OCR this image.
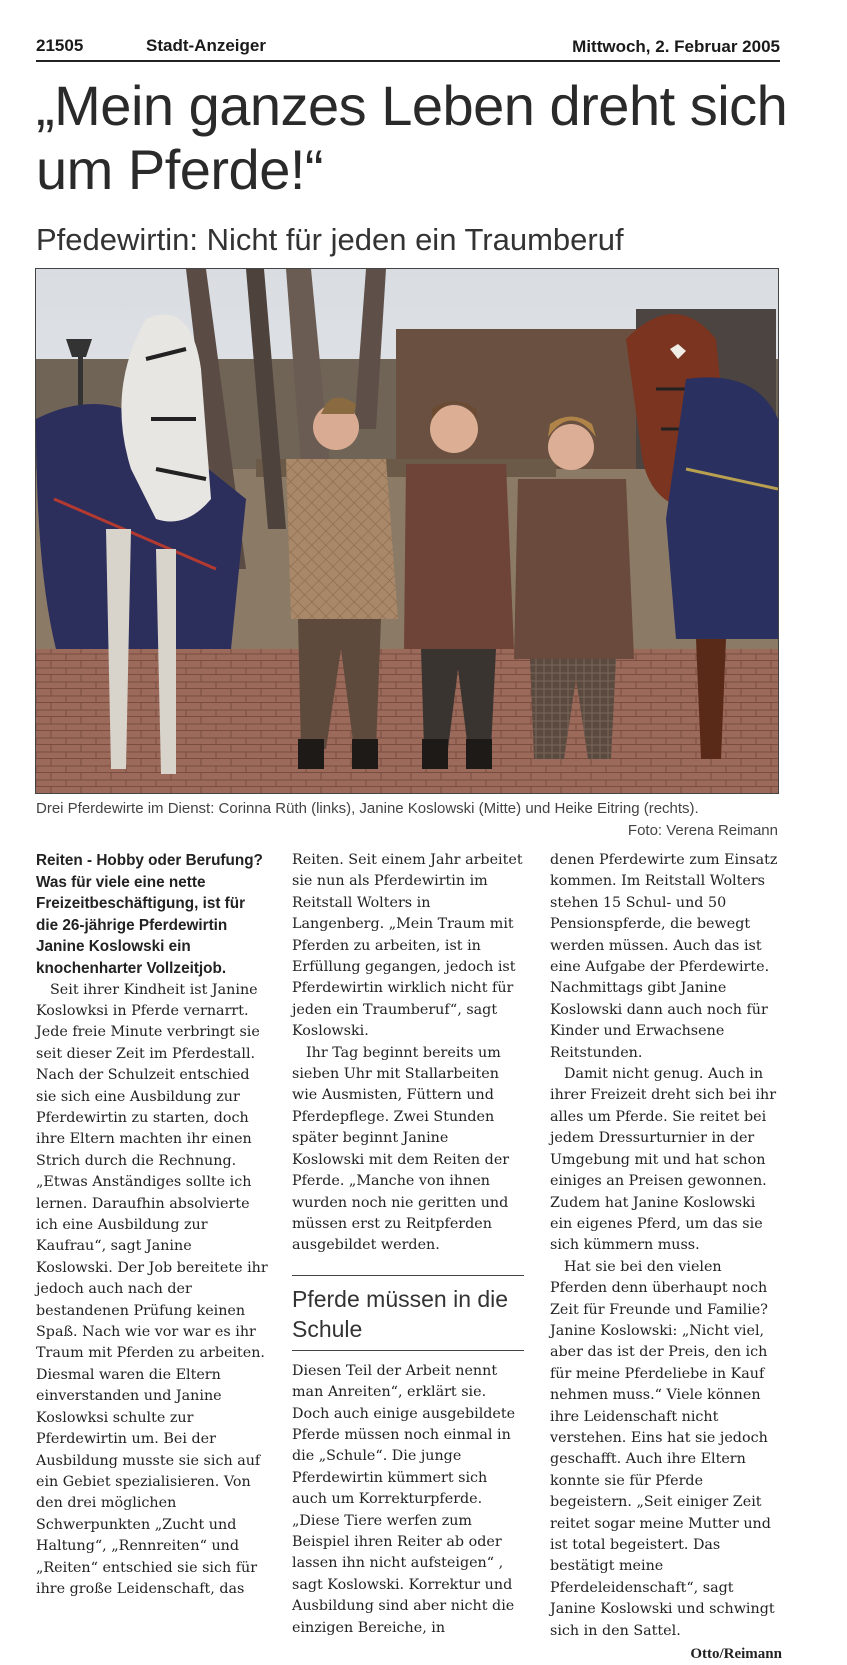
21505	Stadt-Anzeiger	Mittwoch, 2. Februar 2005
„Mein ganzes Leben dreht sich um Pferde!“
Pfedewirtin: Nicht für jeden ein Traumberuf
Drei Pferdewirte im Dienst: Corinna Rüth (links), Janine Koslowski (Mitte) und Heike Eitring (rechts).
Foto: Verena Reimann

Reiten - Hobby oder Berufung? Was für viele eine nette Freizeitbeschäftigung, ist für die 26-jährige Pferdewirtin Janine Koslowski ein knochenharter Vollzeitjob.

Seit ihrer Kindheit ist Janine Koslowksi in Pferde vernarrt. Jede freie Minute verbringt sie seit dieser Zeit im Pferdestall. Nach der Schulzeit entschied sie sich eine Ausbildung zur Pferdewirtin zu starten, doch ihre Eltern machten ihr einen Strich durch die Rechnung. „Etwas Anständiges sollte ich lernen. Daraufhin absolvierte ich eine Ausbildung zur Kaufrau“, sagt Janine Koslowski. Der Job bereitete ihr jedoch auch nach der bestandenen Prüfung keinen Spaß. Nach wie vor war es ihr Traum mit Pferden zu arbeiten. Diesmal waren die Eltern einverstanden und Janine Koslowksi schulte zur Pferdewirtin um. Bei der Ausbildung musste sie sich auf ein Gebiet spezialisieren. Von den drei möglichen Schwerpunkten „Zucht und Haltung“, „Rennreiten“ und „Reiten“ entschied sie sich für ihre große Leidenschaft, das

Reiten. Seit einem Jahr arbeitet sie nun als Pferdewirtin im Reitstall Wolters in Langenberg. „Mein Traum mit Pferden zu arbeiten, ist in Erfüllung gegangen, jedoch ist Pferdewirtin wirklich nicht für jeden ein Traumberuf“, sagt Koslowski.

Ihr Tag beginnt bereits um sieben Uhr mit Stallarbeiten wie Ausmisten, Füttern und Pferdepflege. Zwei Stunden später beginnt Janine Koslowski mit dem Reiten der Pferde. „Manche von ihnen wurden noch nie geritten und müssen erst zu Reitpferden ausgebildet werden.

Pferde müssen in die Schule

Diesen Teil der Arbeit nennt man Anreiten“, erklärt sie. Doch auch einige ausgebildete Pferde müssen noch einmal in die „Schule“. Die junge Pferdewirtin kümmert sich auch um Korrekturpferde. „Diese Tiere werfen zum Beispiel ihren Reiter ab oder lassen ihn nicht aufsteigen“ , sagt Koslowski. Korrektur und Ausbildung sind aber nicht die einzigen Bereiche, in

denen Pferdewirte zum Einsatz kommen. Im Reitstall Wolters stehen 15 Schul- und 50 Pensionspferde, die bewegt werden müssen. Auch das ist eine Aufgabe der Pferdewirte. Nachmittags gibt Janine Koslowski dann auch noch für Kinder und Erwachsene Reitstunden.

Damit nicht genug. Auch in ihrer Freizeit dreht sich bei ihr alles um Pferde. Sie reitet bei jedem Dressurturnier in der Umgebung mit und hat schon einiges an Preisen gewonnen. Zudem hat Janine Koslowski ein eigenes Pferd, um das sie sich kümmern muss.

Hat sie bei den vielen Pferden denn überhaupt noch Zeit für Freunde und Familie? Janine Koslowski: „Nicht viel, aber das ist der Preis, den ich für meine Pferdeliebe in Kauf nehmen muss.“ Viele können ihre Leidenschaft nicht verstehen. Eins hat sie jedoch geschafft. Auch ihre Eltern konnte sie für Pferde begeistern. „Seit einiger Zeit reitet sogar meine Mutter und ist total begeistert. Das bestätigt meine Pferdeleidenschaft“, sagt Janine Koslowski und schwingt sich in den Sattel.

Otto/Reimann
